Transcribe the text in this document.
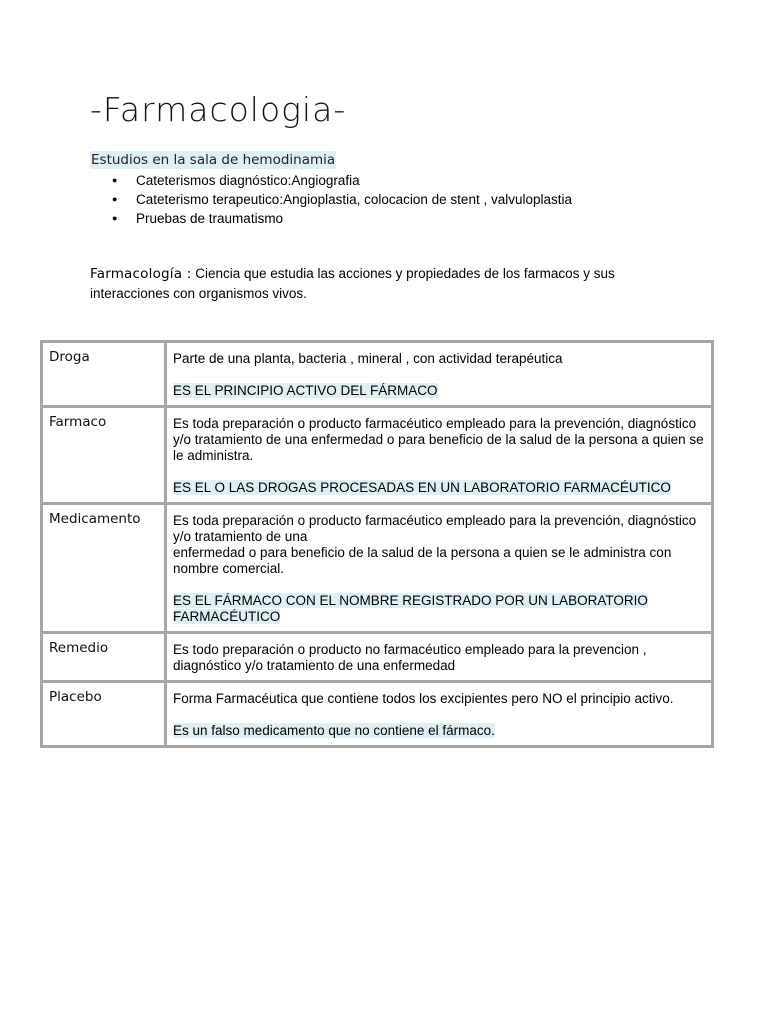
-Farmacologia-
Estudios en la sala de hemodinamia
● Cateterismos diagnóstico:Angiografia
● Cateterismo terapeutico:Angioplastia, colocacion de stent , valvuloplastia
● Pruebas de traumatismo

Farmacología : Ciencia que estudia las acciones y propiedades de los farmacos y sus interacciones con organismos vivos.

Droga	Parte de una planta, bacteria , mineral , con actividad terapéutica

ES EL PRINCIPIO ACTIVO DEL FÁRMACO

Farmaco	Es toda preparación o producto farmacéutico empleado para la prevención, diagnóstico y/o tratamiento de una enfermedad o para beneficio de la salud de la persona a quien se le administra.

ES EL O LAS DROGAS PROCESADAS EN UN LABORATORIO FARMACÉUTICO

Medicamento	Es toda preparación o producto farmacéutico empleado para la prevención, diagnóstico y/o tratamiento de una

enfermedad o para beneficio de la salud de la persona a quien se le administra con nombre comercial.

ES EL FÁRMACO CON EL NOMBRE REGISTRADO POR UN LABORATORIO FARMACÉUTICO

Remedio	Es todo preparación o producto no farmacéutico empleado para la prevencion , diagnóstico y/o tratamiento de una enfermedad

Placebo	Forma Farmacéutica que contiene todos los excipientes pero NO el principio activo.

Es un falso medicamento que no contiene el fármaco.
